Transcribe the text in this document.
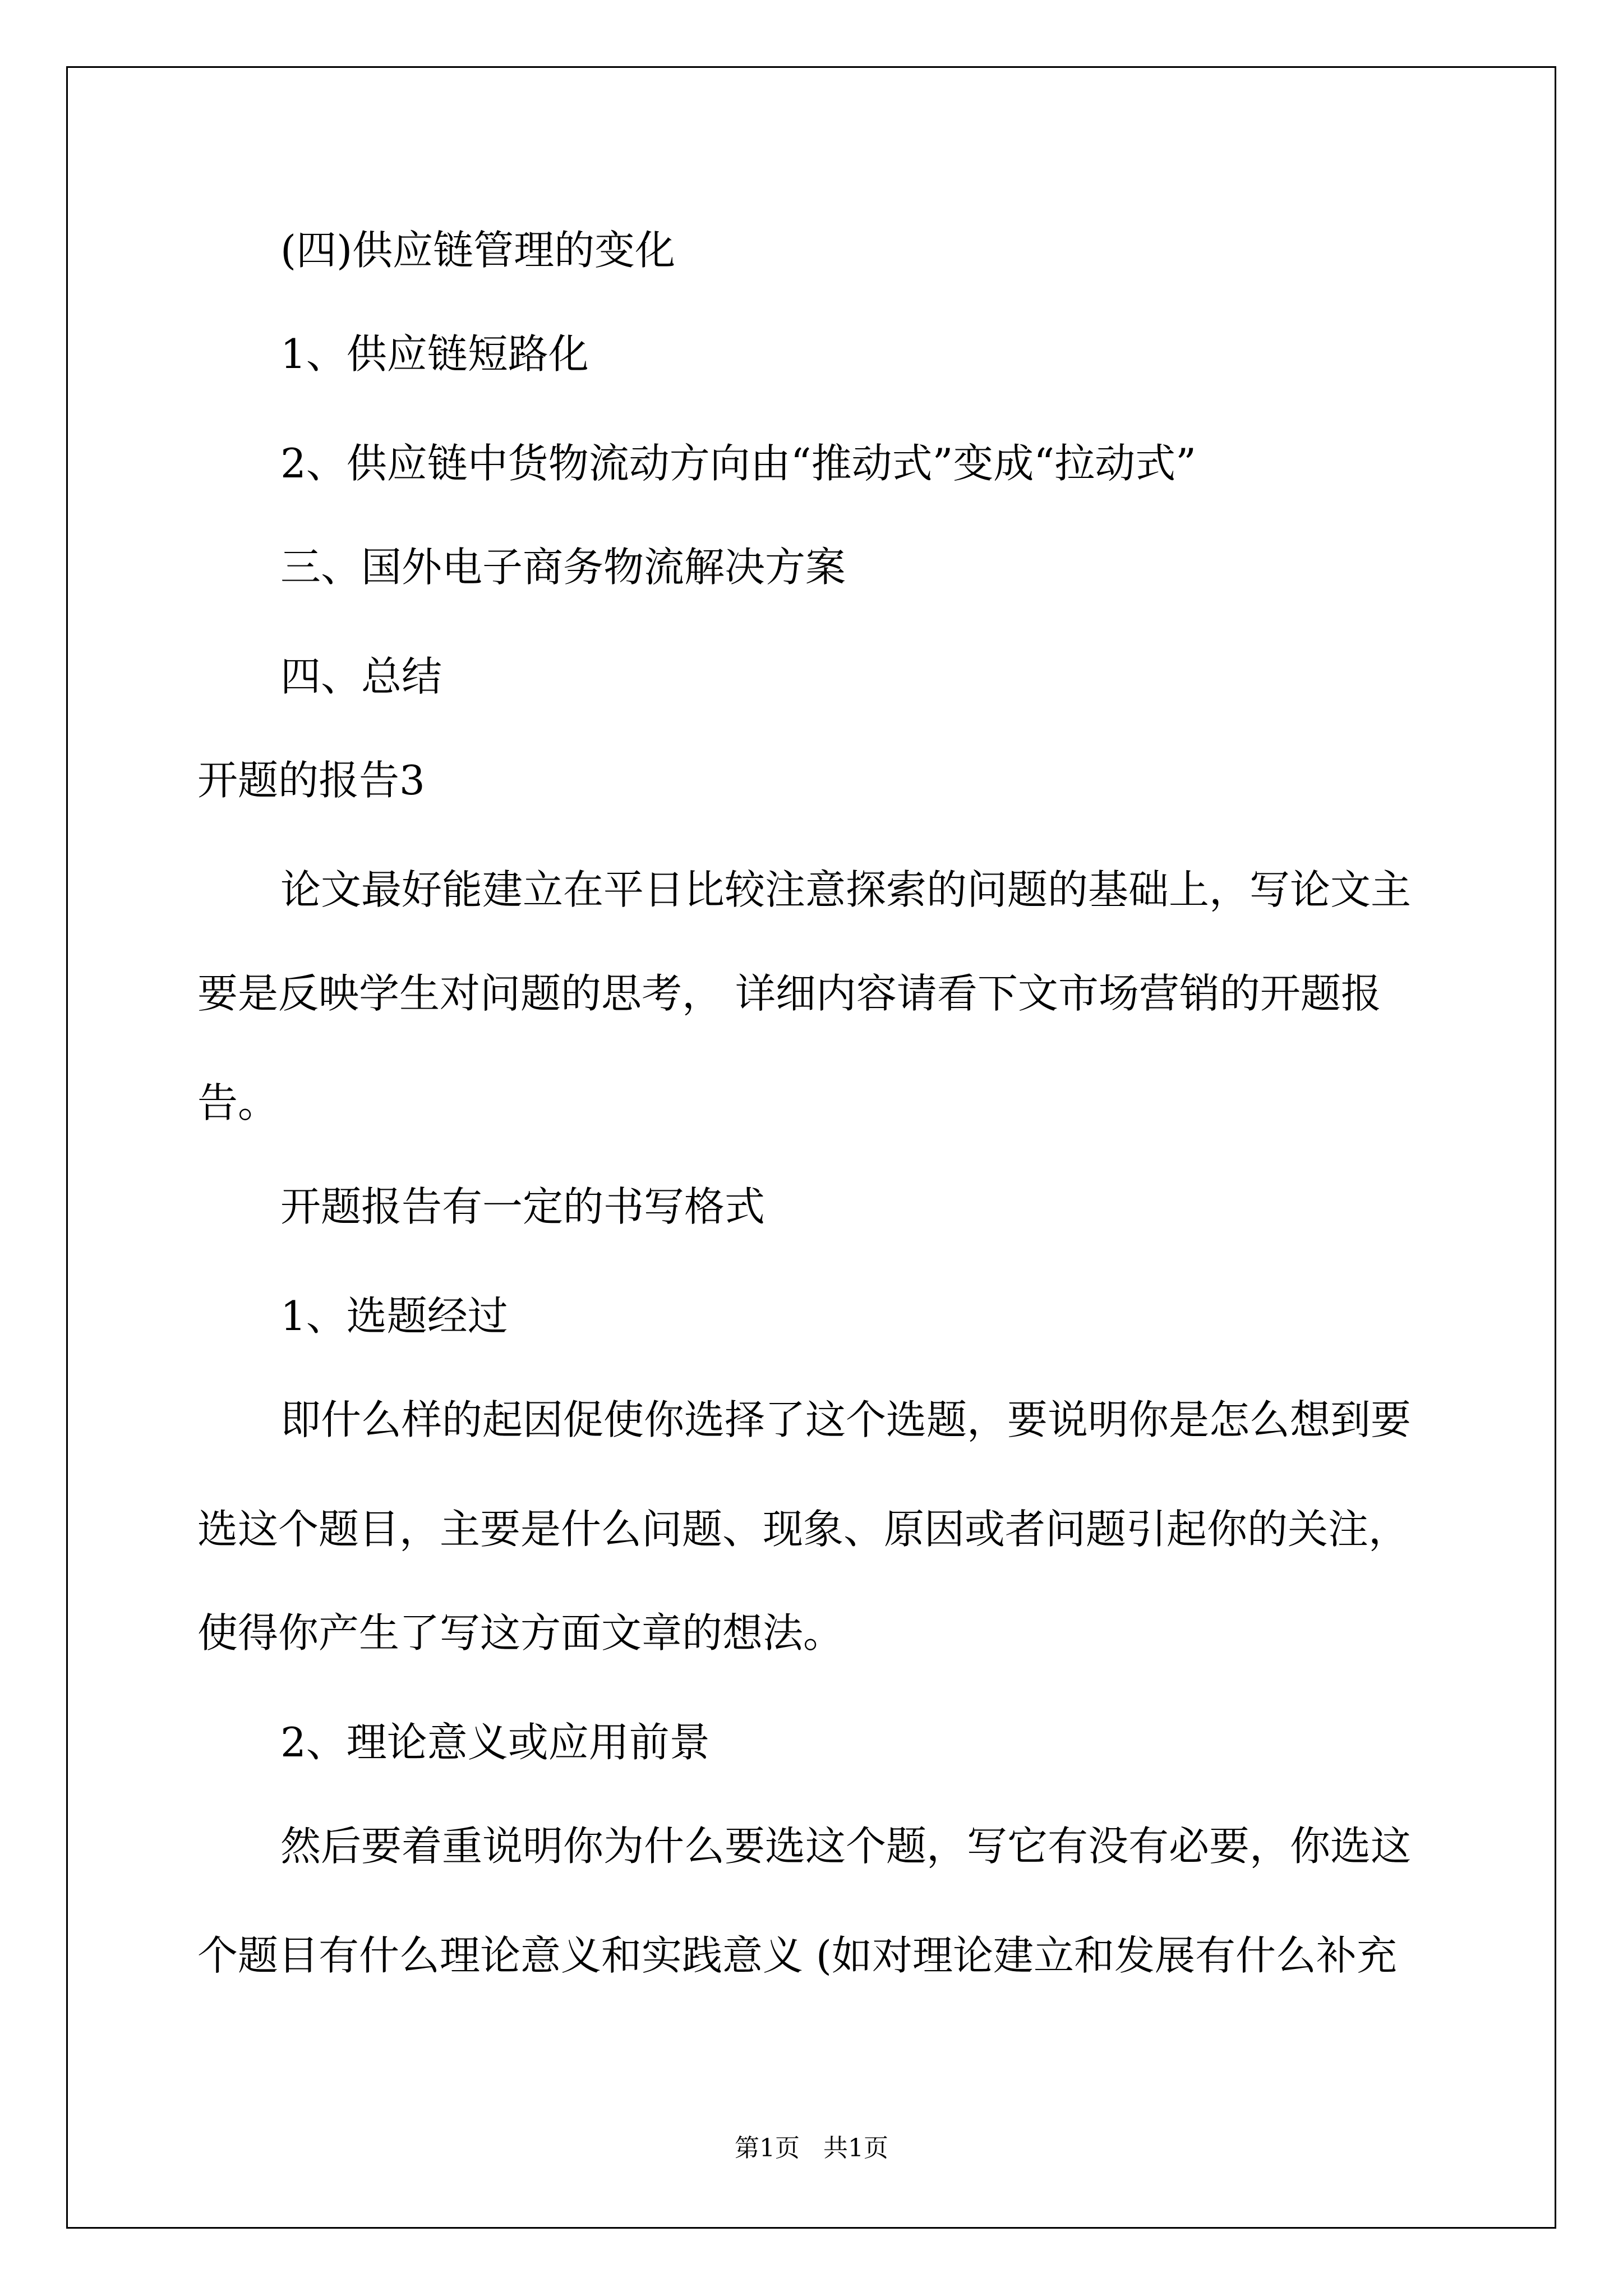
(四)供应链管理的变化

1、供应链短路化

2、供应链中货物流动方向由“推动式”变成“拉动式”

三、国外电子商务物流解决方案

四、总结

开题的报告3

论文最好能建立在平日比较注意探索的问题的基础上，写论文主

要是反映学生对问题的思考， 详细内容请看下文市场营销的开题报

告。

开题报告有一定的书写格式

1、选题经过

即什么样的起因促使你选择了这个选题，要说明你是怎么想到要

选这个题目，主要是什么问题、现象、原因或者问题引起你的关注，

使得你产生了写这方面文章的想法。

2、理论意义或应用前景

然后要着重说明你为什么要选这个题，写它有没有必要，你选这

个题目有什么理论意义和实践意义 (如对理论建立和发展有什么补充

第1页   共1页
